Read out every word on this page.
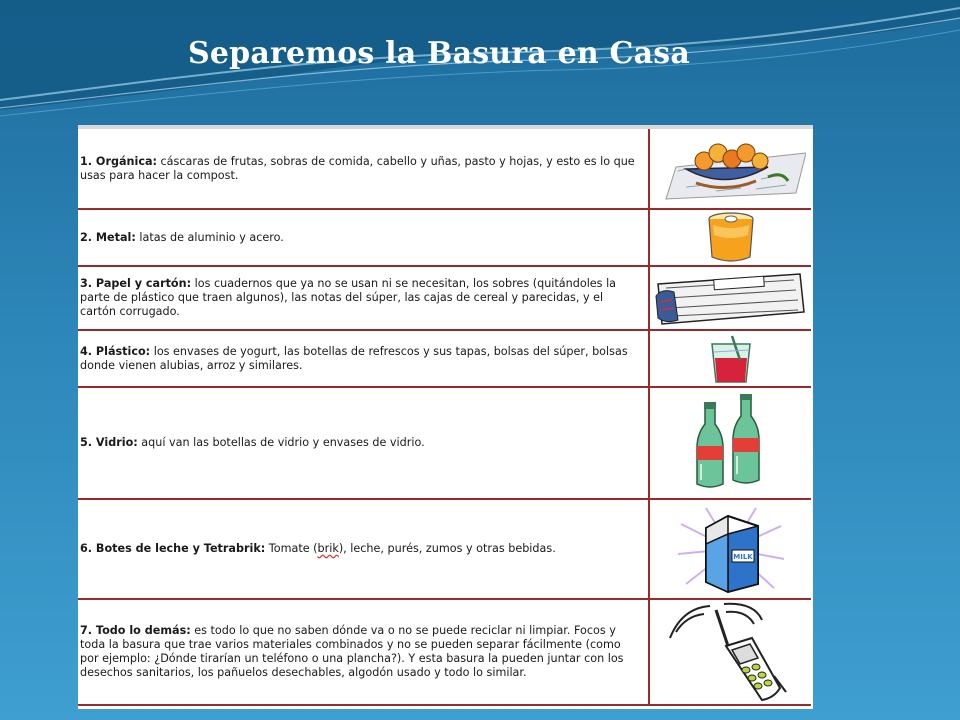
Separemos la Basura en Casa
1. Orgánica: cáscaras de frutas, sobras de comida, cabello y uñas, pasto y hojas, y esto es lo que usas para hacer la compost.

2. Metal: latas de aluminio y acero.

3. Papel y cartón: los cuadernos que ya no se usan ni se necesitan, los sobres (quitándoles la parte de plástico que traen algunos), las notas del súper, las cajas de cereal y parecidas, y el cartón corrugado.

4. Plástico: los envases de yogurt, las botellas de refrescos y sus tapas, bolsas del súper, bolsas donde vienen alubias, arroz y similares.

5. Vidrio: aquí van las botellas de vidrio y envases de vidrio.

6. Botes de leche y Tetrabrik: Tomate (brik), leche, purés, zumos y otras bebidas.	MILK

7. Todo lo demás: es todo lo que no saben dónde va o no se puede reciclar ni limpiar. Focos y toda la basura que trae varios materiales combinados y no se pueden separar fácilmente (como por ejemplo: ¿Dónde tirarían un teléfono o una plancha?). Y esta basura la pueden juntar con los desechos sanitarios, los pañuelos desechables, algodón usado y todo lo similar.
